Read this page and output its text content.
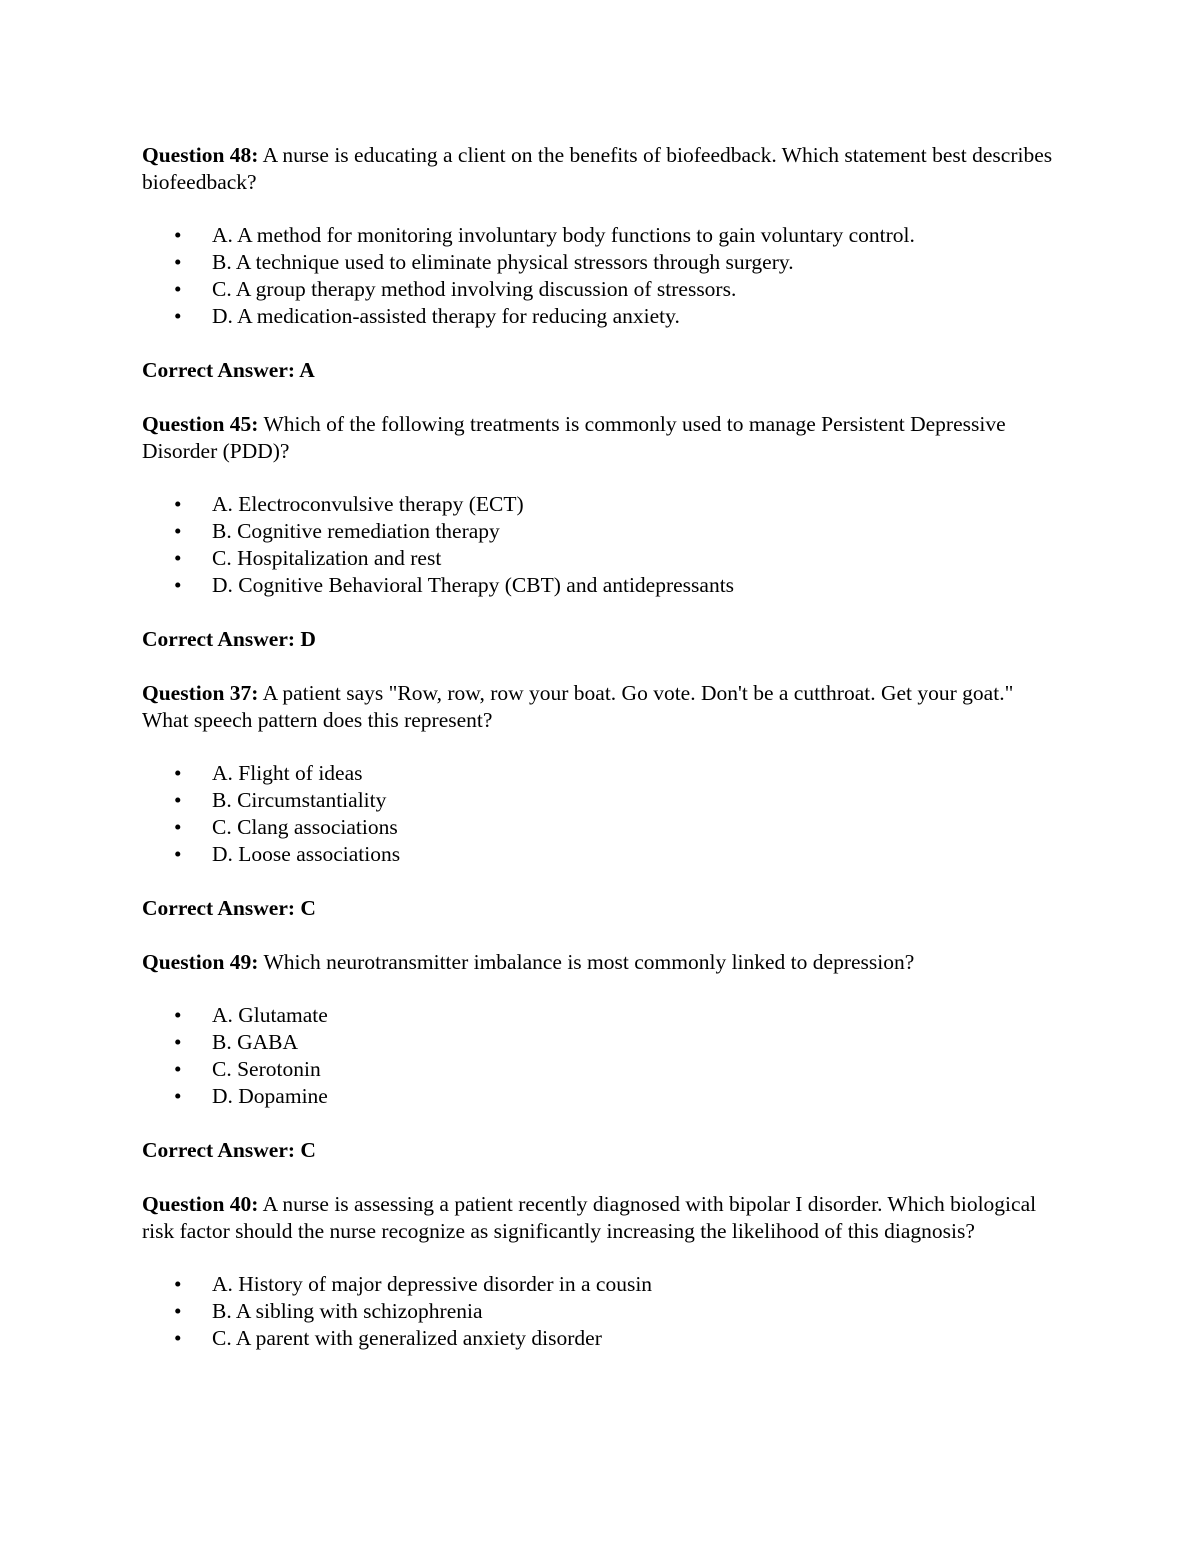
Question 48: A nurse is educating a client on the benefits of biofeedback. Which statement best describes biofeedback?

• A. A method for monitoring involuntary body functions to gain voluntary control.
• B. A technique used to eliminate physical stressors through surgery.
• C. A group therapy method involving discussion of stressors.
• D. A medication-assisted therapy for reducing anxiety.

Correct Answer: A

Question 45: Which of the following treatments is commonly used to manage Persistent Depressive Disorder (PDD)?

• A. Electroconvulsive therapy (ECT)
• B. Cognitive remediation therapy
• C. Hospitalization and rest
• D. Cognitive Behavioral Therapy (CBT) and antidepressants

Correct Answer: D

Question 37: A patient says "Row, row, row your boat. Go vote. Don't be a cutthroat. Get your goat." What speech pattern does this represent?

• A. Flight of ideas
• B. Circumstantiality
• C. Clang associations
• D. Loose associations

Correct Answer: C

Question 49: Which neurotransmitter imbalance is most commonly linked to depression?

• A. Glutamate
• B. GABA
• C. Serotonin
• D. Dopamine

Correct Answer: C

Question 40: A nurse is assessing a patient recently diagnosed with bipolar I disorder. Which biological risk factor should the nurse recognize as significantly increasing the likelihood of this diagnosis?

• A. History of major depressive disorder in a cousin
• B. A sibling with schizophrenia
• C. A parent with generalized anxiety disorder
